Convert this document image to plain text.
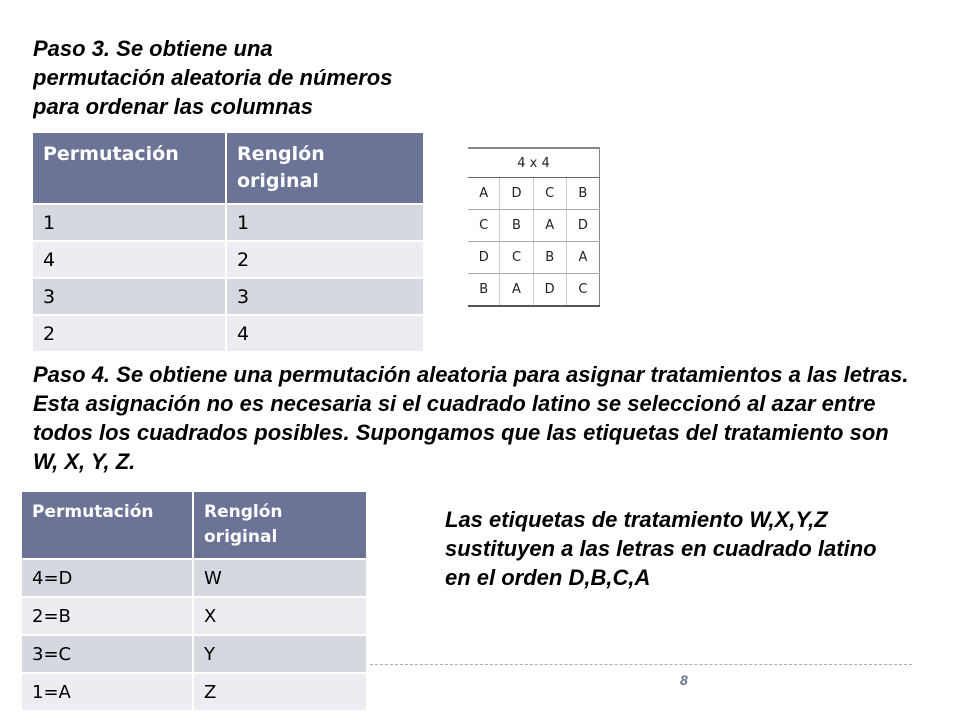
Paso 3. Se obtiene una permutación aleatoria de números para ordenar las columnas

Permutación	Renglón original
1	1
4	2
3	3
2	4
4 x 4			
A	D	C	B
C	B	A	D
D	C	B	A
B	A	D	C

Paso 4. Se obtiene una permutación aleatoria para asignar tratamientos a las letras. Esta asignación no es necesaria si el cuadrado latino se seleccionó al azar entre todos los cuadrados posibles. Supongamos que las etiquetas del tratamiento son W, X, Y, Z.

Permutación	Renglón original
4=D	W
2=B	X
3=C	Y
1=A	Z

Las etiquetas de tratamiento W,X,Y,Z sustituyen a las letras en cuadrado latino en el orden D,B,C,A

8
